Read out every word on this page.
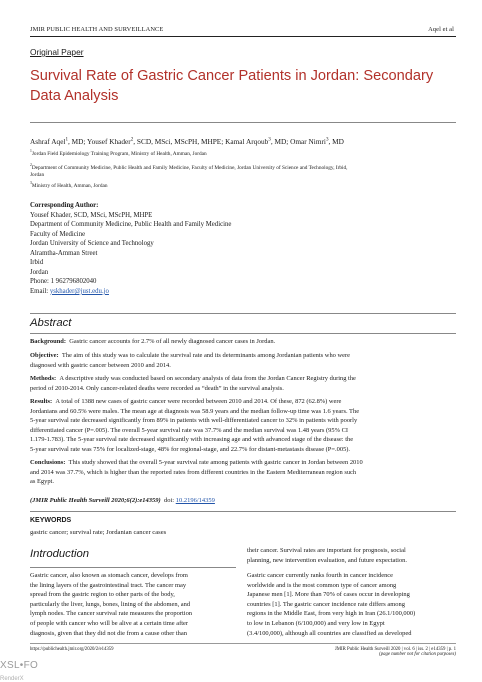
JMIR PUBLIC HEALTH AND SURVEILLANCE	Aqel et al
Original Paper
Survival Rate of Gastric Cancer Patients in Jordan: Secondary
Data Analysis
Ashraf Aqel$^1$, MD; Yousef Khader$^2$, SCD, MSci, MScPH, MHPE; Kamal Arqoub$^3$, MD; Omar Nimri$^3$, MD
$^1$Jordan Field Epidemiology Training Program, Ministry of Health, Amman, Jordan
$^2$Department of Community Medicine, Public Health and Family Medicine, Faculty of Medicine, Jordan University of Science and Technology, Irbid,
Jordan
$^3$Ministry of Health, Amman, Jordan
Corresponding Author:
Yousef Khader, SCD, MSci, MScPH, MHPE
Department of Community Medicine, Public Health and Family Medicine
Faculty of Medicine
Jordan University of Science and Technology
Alramtha-Amman Street
Irbid
Jordan
Phone: 1 962796802040
Email: yskhader@just.edu.jo
Abstract
Background: Gastric cancer accounts for 2.7% of all newly diagnosed cancer cases in Jordan.
Objective: The aim of this study was to calculate the survival rate and its determinants among Jordanian patients who were
diagnosed with gastric cancer between 2010 and 2014.
Methods: A descriptive study was conducted based on secondary analysis of data from the Jordan Cancer Registry during the
period of 2010-2014. Only cancer-related deaths were recorded as “death” in the survival analysis.
Results: A total of 1388 new cases of gastric cancer were recorded between 2010 and 2014. Of these, 872 (62.8%) were
Jordanians and 60.5% were males. The mean age at diagnosis was 58.9 years and the median follow-up time was 1.6 years. The
5-year survival rate decreased significantly from 89% in patients with well-differentiated cancer to 32% in patients with poorly
differentiated cancer (P=.005). The overall 5-year survival rate was 37.7% and the median survival was 1.48 years (95% CI
1.179-1.783). The 5-year survival rate decreased significantly with increasing age and with advanced stage of the disease: the
5-year survival rate was 75% for localized-stage, 48% for regional-stage, and 22.7% for distant-metastasis disease (P=.005).
Conclusions: This study showed that the overall 5-year survival rate among patients with gastric cancer in Jordan between 2010
and 2014 was 37.7%, which is higher than the reported rates from different countries in the Eastern Mediterranean region such
as Egypt.
(JMIR Public Health Surveill 2020;6(2):e14359) doi: 10.2196/14359
KEYWORDS
gastric cancer; survival rate; Jordanian cancer cases
Introduction
Gastric cancer, also known as stomach cancer, develops from
the lining layers of the gastrointestinal tract. The cancer may
spread from the gastric region to other parts of the body,
particularly the liver, lungs, bones, lining of the abdomen, and
lymph nodes. The cancer survival rate measures the proportion
of people with cancer who will be alive at a certain time after
diagnosis, given that they did not die from a cause other than
their cancer. Survival rates are important for prognosis, social
planning, new intervention evaluation, and future expectation.
Gastric cancer currently ranks fourth in cancer incidence
worldwide and is the most common type of cancer among
Japanese men [1]. More than 70% of cases occur in developing
countries [1]. The gastric cancer incidence rate differs among
regions in the Middle East, from very high in Iran (26.1/100,000)
to low in Lebanon (6/100,000) and very low in Egypt
(3.4/100,000), although all countries are classified as developed
https://publichealth.jmir.org/2020/2/e14359	JMIR Public Health Surveill 2020 | vol. 6 | iss. 2 | e14359 | p. 1
(page number not for citation purposes)
XSL•FO
RenderX
